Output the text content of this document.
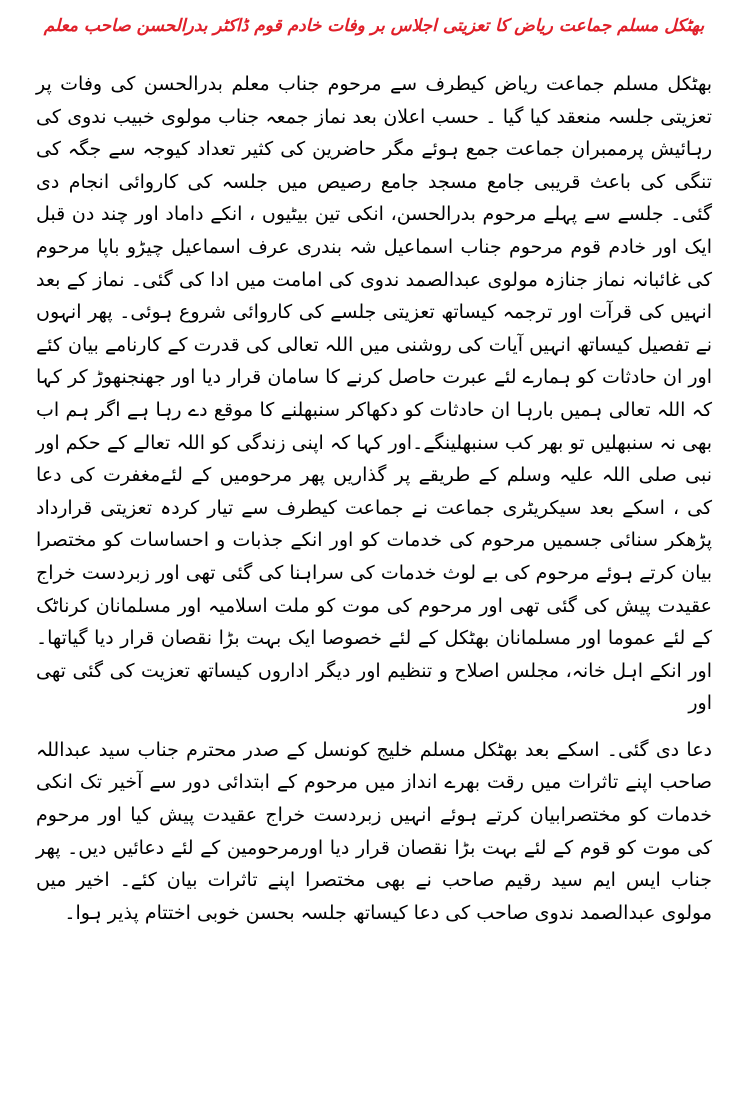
بھٹکل مسلم جماعت ریاض کا تعزیتی اجلاس بر وفات خادم قوم ڈاکٹر بدرالحسن صاحب معلم

بھٹکل مسلم جماعت ریاض کیطرف سے مرحوم جناب معلم بدرالحسن کی وفات پر تعزیتی جلسہ منعقد کیا گیا ۔ حسب اعلان بعد نماز جمعہ جناب مولوی خبیب ندوی کی رہائیش پرممبران جماعت جمع ہوئے مگر حاضرین کی کثیر تعداد کیوجہ سے جگہ کی تنگی کی باعث قریبی جامع مسجد جامع رصیص میں جلسہ کی کاروائی انجام دی گئی۔ جلسے سے پہلے مرحوم بدرالحسن، انکی تین بیٹیوں ، انکے داماد اور چند دن قبل ایک اور خادم قوم مرحوم جناب اسماعیل شہ بندری عرف اسماعیل چیڑو باپا مرحوم کی غائبانہ نماز جنازہ مولوی عبدالصمد ندوی کی امامت میں ادا کی گئی۔ نماز کے بعد انہیں کی قرآت اور ترجمہ کیساتھ تعزیتی جلسے کی کاروائی شروع ہوئی۔ پھر انہوں نے تفصیل کیساتھ انہیں آیات کی روشنی میں اللہ تعالی کی قدرت کے کارنامے بیان کئے اور ان حادثات کو ہمارے لئے عبرت حاصل کرنے کا سامان قرار دیا اور جھنجنھوڑ کر کہا کہ اللہ تعالی ہمیں بارہا ان حادثات کو دکھاکر سنبھلنے کا موقع دے رہا ہے اگر ہم اب بھی نہ سنبھلیں تو بھر کب سنبھلینگے۔اور کہا کہ اپنی زندگی کو اللہ تعالے کے حکم اور نبی صلی اللہ علیہ وسلم کے طریقے پر گذاریں پھر مرحومیں کے لئےمغفرت کی دعا کی ، اسکے بعد سیکریٹری جماعت نے جماعت کیطرف سے تیار کردہ تعزیتی قرارداد پڑھکر سنائی جسمیں مرحوم کی خدمات کو اور انکے جذبات و احساسات کو مختصرا بیان کرتے ہوئے مرحوم کی بے لوث خدمات کی سراہنا کی گئی تھی اور زبردست خراج عقیدت پیش کی گئی تھی اور مرحوم کی موت کو ملت اسلامیہ اور مسلمانان کرناٹک کے لئے عموما اور مسلمانان بھٹکل کے لئے خصوصا ایک بہت بڑا نقصان قرار دیا گیاتھا۔اور انکے اہل خانہ، مجلس اصلاح و تنظیم اور دیگر اداروں کیساتھ تعزیت کی گئی تھی اور

دعا دی گئی۔ اسکے بعد بھٹکل مسلم خلیج کونسل کے صدر محترم جناب سید عبداللہ صاحب اپنے تاثرات میں رقت بھرے انداز میں مرحوم کے ابتدائی دور سے آخیر تک انکی خدمات کو مختصرابیان کرتے ہوئے انہیں زبردست خراج عقیدت پیش کیا اور مرحوم کی موت کو قوم کے لئے بہت بڑا نقصان قرار دیا اورمرحومین کے لئے دعائیں دیں۔ پھر جناب ایس ایم سید رقیم صاحب نے بھی مختصرا اپنے تاثرات بیان کئے۔ اخیر میں مولوی عبدالصمد ندوی صاحب کی دعا کیساتھ جلسہ بحسن خوبی اختتام پذیر ہوا۔
